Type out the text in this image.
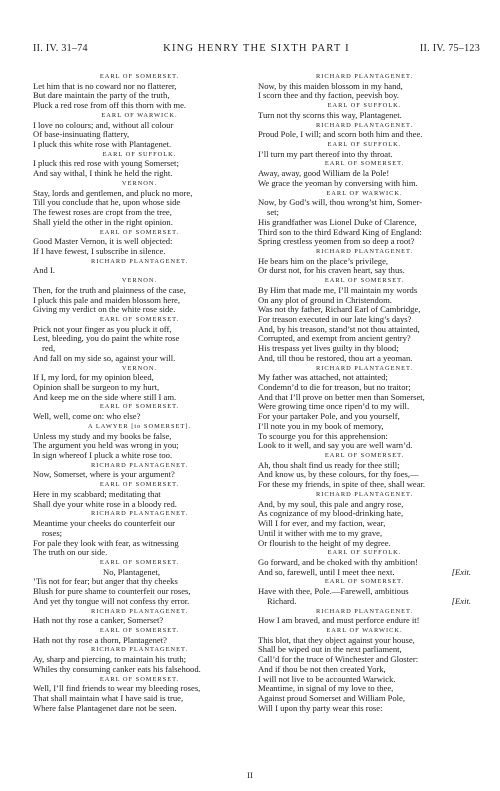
II. IV. 31–74	KING HENRY THE SIXTH PART I	II. IV. 75–123
EARL OF SOMERSET.
Let him that is no coward nor no flatterer,
But dare maintain the party of the truth,
Pluck a red rose from off this thorn with me.
EARL OF WARWICK.
I love no colours; and, without all colour
Of base-insinuating flattery,
I pluck this white rose with Plantagenet.
EARL OF SUFFOLK.
I pluck this red rose with young Somerset;
And say withal, I think he held the right.
VERNON.
Stay, lords and gentlemen, and pluck no more,
Till you conclude that he, upon whose side
The fewest roses are cropt from the tree,
Shall yield the other in the right opinion.
EARL OF SOMERSET.
Good Master Vernon, it is well objected:
If I have fewest, I subscribe in silence.
RICHARD PLANTAGENET.
And I.
VERNON.
Then, for the truth and plainness of the case,
I pluck this pale and maiden blossom here,
Giving my verdict on the white rose side.
EARL OF SOMERSET.
Prick not your finger as you pluck it off,
Lest, bleeding, you do paint the white rose
red,
And fall on my side so, against your will.
VERNON.
If I, my lord, for my opinion bleed,
Opinion shall be surgeon to my hurt,
And keep me on the side where still I am.
EARL OF SOMERSET.
Well, well, come on: who else?
A LAWYER [to SOMERSET].
Unless my study and my books be false,
The argument you held was wrong in you;
In sign whereof I pluck a white rose too.
RICHARD PLANTAGENET.
Now, Somerset, where is your argument?
EARL OF SOMERSET.
Here in my scabbard; meditating that
Shall dye your white rose in a bloody red.
RICHARD PLANTAGENET.
Meantime your cheeks do counterfeit our
roses;
For pale they look with fear, as witnessing
The truth on our side.
EARL OF SOMERSET.
No, Plantagenet,
’Tis not for fear; but anger that thy cheeks
Blush for pure shame to counterfeit our roses,
And yet thy tongue will not confess thy error.
RICHARD PLANTAGENET.
Hath not thy rose a canker, Somerset?
EARL OF SOMERSET.
Hath not thy rose a thorn, Plantagenet?
RICHARD PLANTAGENET.
Ay, sharp and piercing, to maintain his truth;
Whiles thy consuming canker eats his falsehood.
EARL OF SOMERSET.
Well, I’ll find friends to wear my bleeding roses,
That shall maintain what I have said is true,
Where false Plantagenet dare not be seen.
RICHARD PLANTAGENET.
Now, by this maiden blossom in my hand,
I scorn thee and thy faction, peevish boy.
EARL OF SUFFOLK.
Turn not thy scorns this way, Plantagenet.
RICHARD PLANTAGENET.
Proud Pole, I will; and scorn both him and thee.
EARL OF SUFFOLK.
I’ll turn my part thereof into thy throat.
EARL OF SOMERSET.
Away, away, good William de la Pole!
We grace the yeoman by conversing with him.
EARL OF WARWICK.
Now, by God’s will, thou wrong’st him, Somer-
set;
His grandfather was Lionel Duke of Clarence,
Third son to the third Edward King of England:
Spring crestless yeomen from so deep a root?
RICHARD PLANTAGENET.
He bears him on the place’s privilege,
Or durst not, for his craven heart, say thus.
EARL OF SOMERSET.
By Him that made me, I’ll maintain my words
On any plot of ground in Christendom.
Was not thy father, Richard Earl of Cambridge,
For treason executed in our late king’s days?
And, by his treason, stand’st not thou attainted,
Corrupted, and exempt from ancient gentry?
His trespass yet lives guilty in thy blood;
And, till thou be restored, thou art a yeoman.
RICHARD PLANTAGENET.
My father was attached, not attainted;
Condemn’d to die for treason, but no traitor;
And that I’ll prove on better men than Somerset,
Were growing time once ripen’d to my will.
For your partaker Pole, and you yourself,
I’ll note you in my book of memory,
To scourge you for this apprehension:
Look to it well, and say you are well warn’d.
EARL OF SOMERSET.
Ah, thou shalt find us ready for thee still;
And know us, by these colours, for thy foes,—
For these my friends, in spite of thee, shall wear.
RICHARD PLANTAGENET.
And, by my soul, this pale and angry rose,
As cognizance of my blood-drinking hate,
Will I for ever, and my faction, wear,
Until it wither with me to my grave,
Or flourish to the height of my degree.
EARL OF SUFFOLK.
Go forward, and be choked with thy ambition!
And so, farewell, until I meet thee next.	[Exit.
EARL OF SOMERSET.
Have with thee, Pole.—Farewell, ambitious
Richard.	[Exit.
RICHARD PLANTAGENET.
How I am braved, and must perforce endure it!
EARL OF WARWICK.
This blot, that they object against your house,
Shall be wiped out in the next parliament,
Call’d for the truce of Winchester and Gloster:
And if thou be not then created York,
I will not live to be accounted Warwick.
Meantime, in signal of my love to thee,
Against proud Somerset and William Pole,
Will I upon thy party wear this rose:
II
